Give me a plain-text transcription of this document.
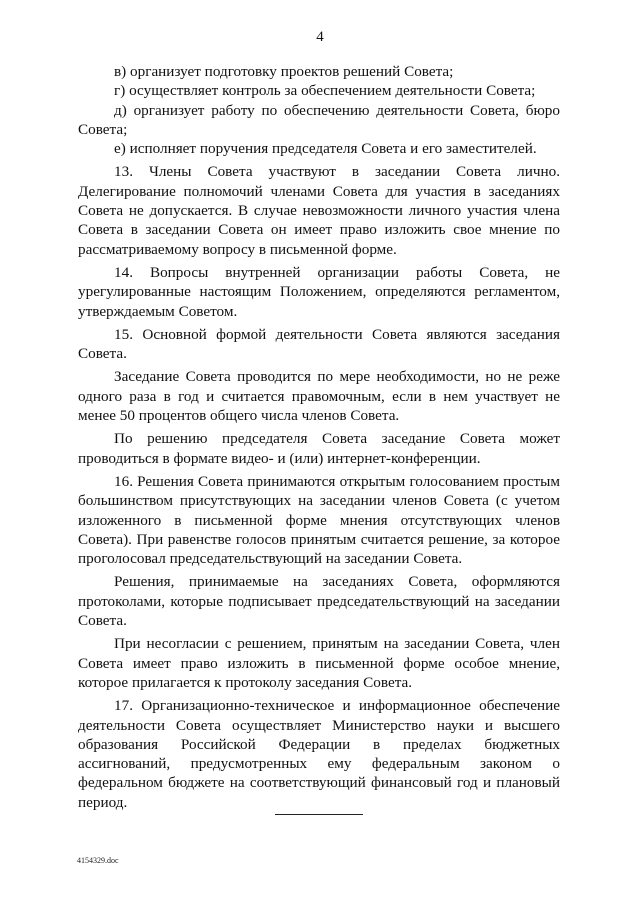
4

в) организует подготовку проектов решений Совета;

г) осуществляет контроль за обеспечением деятельности Совета;

д) организует работу по обеспечению деятельности Совета, бюро Совета;

е) исполняет поручения председателя Совета и его заместителей.

13. Члены Совета участвуют в заседании Совета лично. Делегирование полномочий членами Совета для участия в заседаниях Совета не допускается. В случае невозможности личного участия члена Совета в заседании Совета он имеет право изложить свое мнение по рассматриваемому вопросу в письменной форме.

14. Вопросы внутренней организации работы Совета, не урегулированные настоящим Положением, определяются регламентом, утверждаемым Советом.

15. Основной формой деятельности Совета являются заседания Совета.

Заседание Совета проводится по мере необходимости, но не реже одного раза в год и считается правомочным, если в нем участвует не менее 50 процентов общего числа членов Совета.

По решению председателя Совета заседание Совета может проводиться в формате видео- и (или) интернет-конференции.

16. Решения Совета принимаются открытым голосованием простым большинством присутствующих на заседании членов Совета (с учетом изложенного в письменной форме мнения отсутствующих членов Совета). При равенстве голосов принятым считается решение, за которое проголосовал председательствующий на заседании Совета.

Решения, принимаемые на заседаниях Совета, оформляются протоколами, которые подписывает председательствующий на заседании Совета.

При несогласии с решением, принятым на заседании Совета, член Совета имеет право изложить в письменной форме особое мнение, которое прилагается к протоколу заседания Совета.

17. Организационно-техническое и информационное обеспечение деятельности Совета осуществляет Министерство науки и высшего образования Российской Федерации в пределах бюджетных ассигнований, предусмотренных ему федеральным законом о федеральном бюджете на соответствующий финансовый год и плановый период.

4154329.doc
